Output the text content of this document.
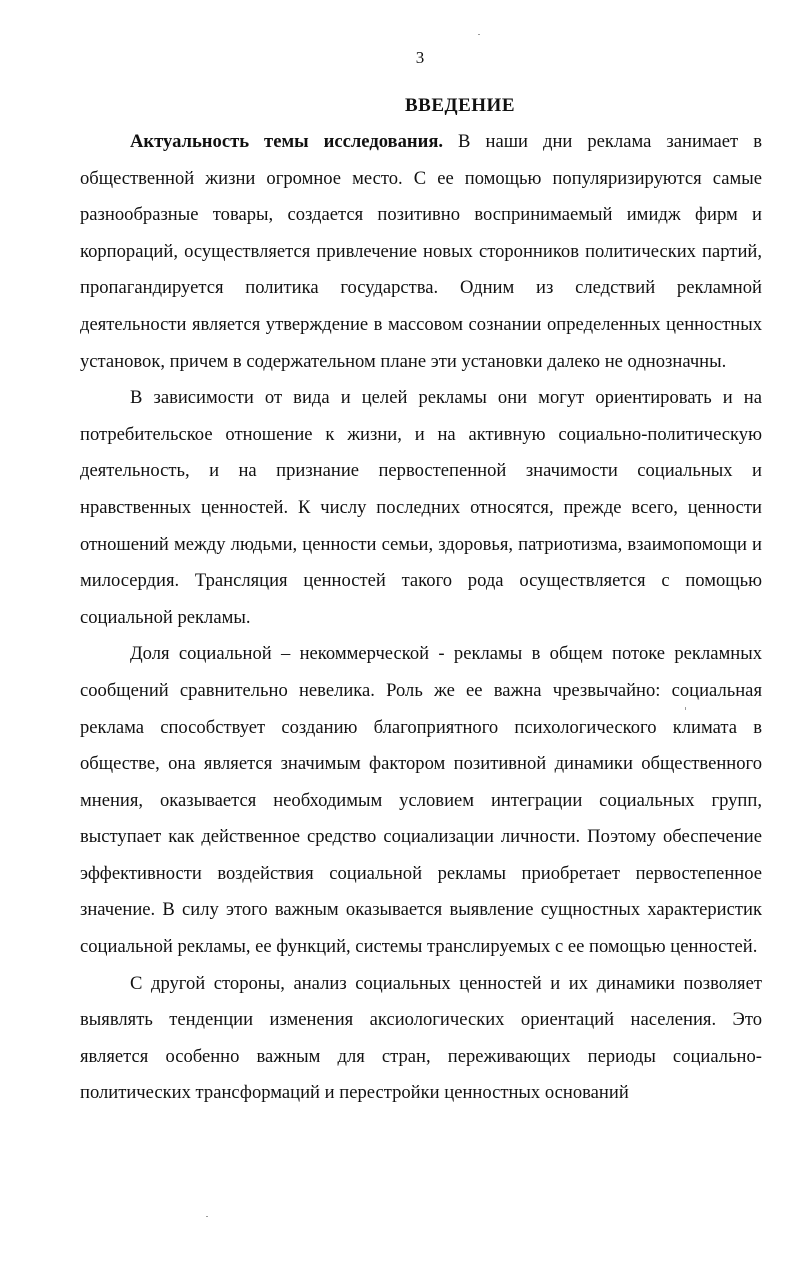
3
ВВЕДЕНИЕ

Актуальность темы исследования. В наши дни реклама занимает в общественной жизни огромное место. С ее помощью популяризируются самые разнообразные товары, создается позитивно воспринимаемый имидж фирм и корпораций, осуществляется привлечение новых сторонников политических партий, пропагандируется политика государства. Одним из следствий рекламной деятельности является утверждение в массовом сознании определенных ценностных установок, причем в содержательном плане эти установки далеко не однозначны.

В зависимости от вида и целей рекламы они могут ориентировать и на потребительское отношение к жизни, и на активную социально-политическую деятельность, и на признание первостепенной значимости социальных и нравственных ценностей. К числу последних относятся, прежде всего, ценности отношений между людьми, ценности семьи, здоровья, патриотизма, взаимопомощи и милосердия. Трансляция ценностей такого рода осуществляется с помощью социальной рекламы.

Доля социальной – некоммерческой - рекламы в общем потоке рекламных сообщений сравнительно невелика. Роль же ее важна чрезвычайно: социальная реклама способствует созданию благоприятного психологического климата в обществе, она является значимым фактором позитивной динамики общественного мнения, оказывается необходимым условием интеграции социальных групп, выступает как действенное средство социализации личности. Поэтому обеспечение эффективности воздействия социальной рекламы приобретает первостепенное значение. В силу этого важным оказывается выявление сущностных характеристик социальной рекламы, ее функций, системы транслируемых с ее помощью ценностей.

С другой стороны, анализ социальных ценностей и их динамики позволяет выявлять тенденции изменения аксиологических ориентаций населения. Это является особенно важным для стран, переживающих периоды социально-политических трансформаций и перестройки ценностных оснований
